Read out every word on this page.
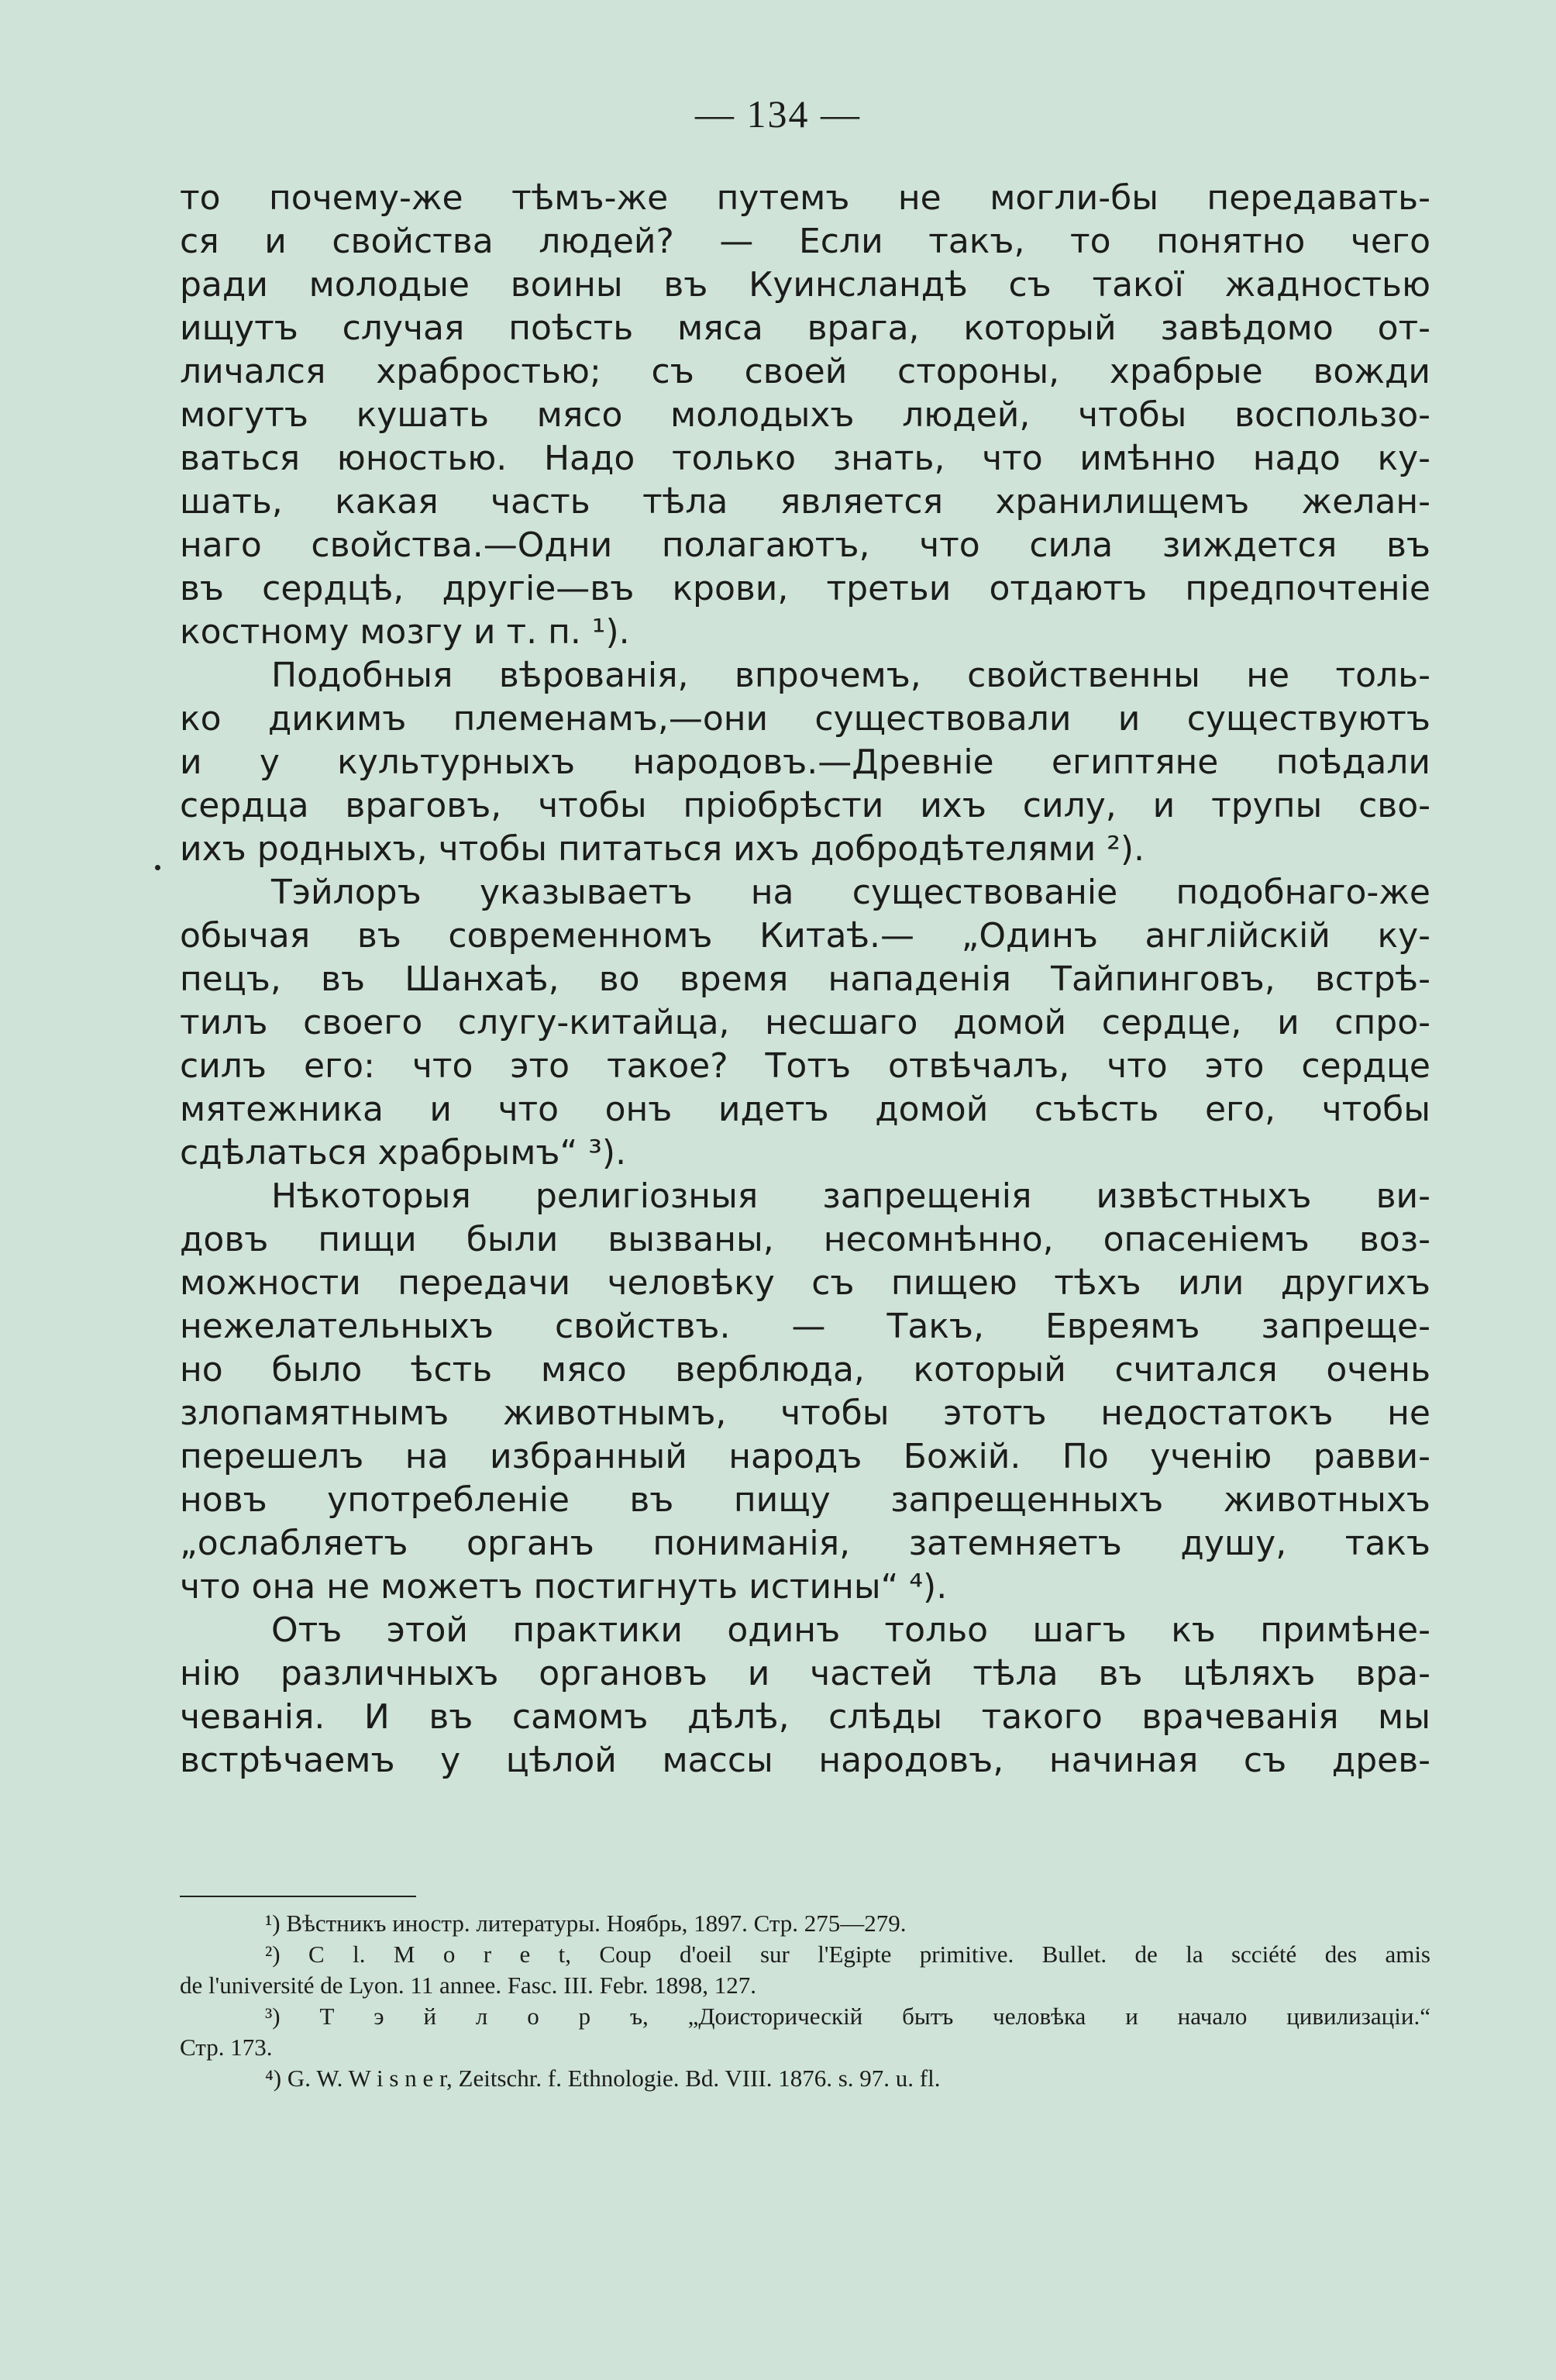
— 134 —
то почему-же тѣмъ-же путемъ не могли-бы передавать-
ся и свойства людей? — Если такъ, то понятно чего
ради молодые воины въ Куинсландѣ съ такої жадностью
ищутъ случая поѣсть мяса врага, который завѣдомо от-
личался храбростью; съ своей стороны, храбрые вожди
могутъ кушать мясо молодыхъ людей, чтобы воспользо-
ваться юностью. Надо только знать, что имѣнно надо ку-
шать, какая часть тѣла является хранилищемъ желан-
наго свойства.—Одни полагаютъ, что сила зиждется въ
въ сердцѣ, другіе—въ крови, третьи отдаютъ предпочтеніе
костному мозгу и т. п. ¹).
Подобныя вѣрованія, впрочемъ, свойственны не толь-
ко дикимъ племенамъ,—они существовали и существуютъ
и у культурныхъ народовъ.—Древніе египтяне поѣдали
сердца враговъ, чтобы пріобрѣсти ихъ силу, и трупы сво-
ихъ родныхъ, чтобы питаться ихъ добродѣтелями ²).
Тэйлоръ указываетъ на существованіе подобнаго-же
обычая въ современномъ Китаѣ.— „Одинъ англійскій ку-
пецъ, въ Шанхаѣ, во время нападенія Тайпинговъ, встрѣ-
тилъ своего слугу-китайца, несшаго домой сердце, и спро-
силъ его: что это такое? Тотъ отвѣчалъ, что это сердце
мятежника и что онъ идетъ домой съѣсть его, чтобы
сдѣлаться храбрымъ“ ³).
Нѣкоторыя религіозныя запрещенія извѣстныхъ ви-
довъ пищи были вызваны, несомнѣнно, опасеніемъ воз-
можности передачи человѣку съ пищею тѣхъ или другихъ
нежелательныхъ свойствъ. — Такъ, Евреямъ запреще-
но было ѣсть мясо верблюда, который считался очень
злопамятнымъ животнымъ, чтобы этотъ недостатокъ не
перешелъ на избранный народъ Божій. По ученію равви-
новъ употребленіе въ пищу запрещенныхъ животныхъ
„ослабляетъ органъ пониманія, затемняетъ душу, такъ
что она не можетъ постигнуть истины“ ⁴).
Отъ этой практики одинъ тольо шагъ къ примѣне-
нію различныхъ органовъ и частей тѣла въ цѣляхъ вра-
чеванія. И въ самомъ дѣлѣ, слѣды такого врачеванія мы
встрѣчаемъ у цѣлой массы народовъ, начиная съ древ-
¹) Вѣстникъ иностр. литературы. Ноябрь, 1897. Стр. 275—279.
²) C l. M o r e t, Coup d'oeil sur l'Egipte primitive. Bullet. de la scciété des amis
de l'université de Lyon. 11 annee. Fasc. III. Febr. 1898, 127.
³) Т э й л о р ъ, „Доисторическій бытъ человѣка и начало цивилизаціи.“
Стр. 173.
⁴) G. W. W i s n e r, Zeitschr. f. Ethnologie. Bd. VIII. 1876. s. 97. u. fl.
